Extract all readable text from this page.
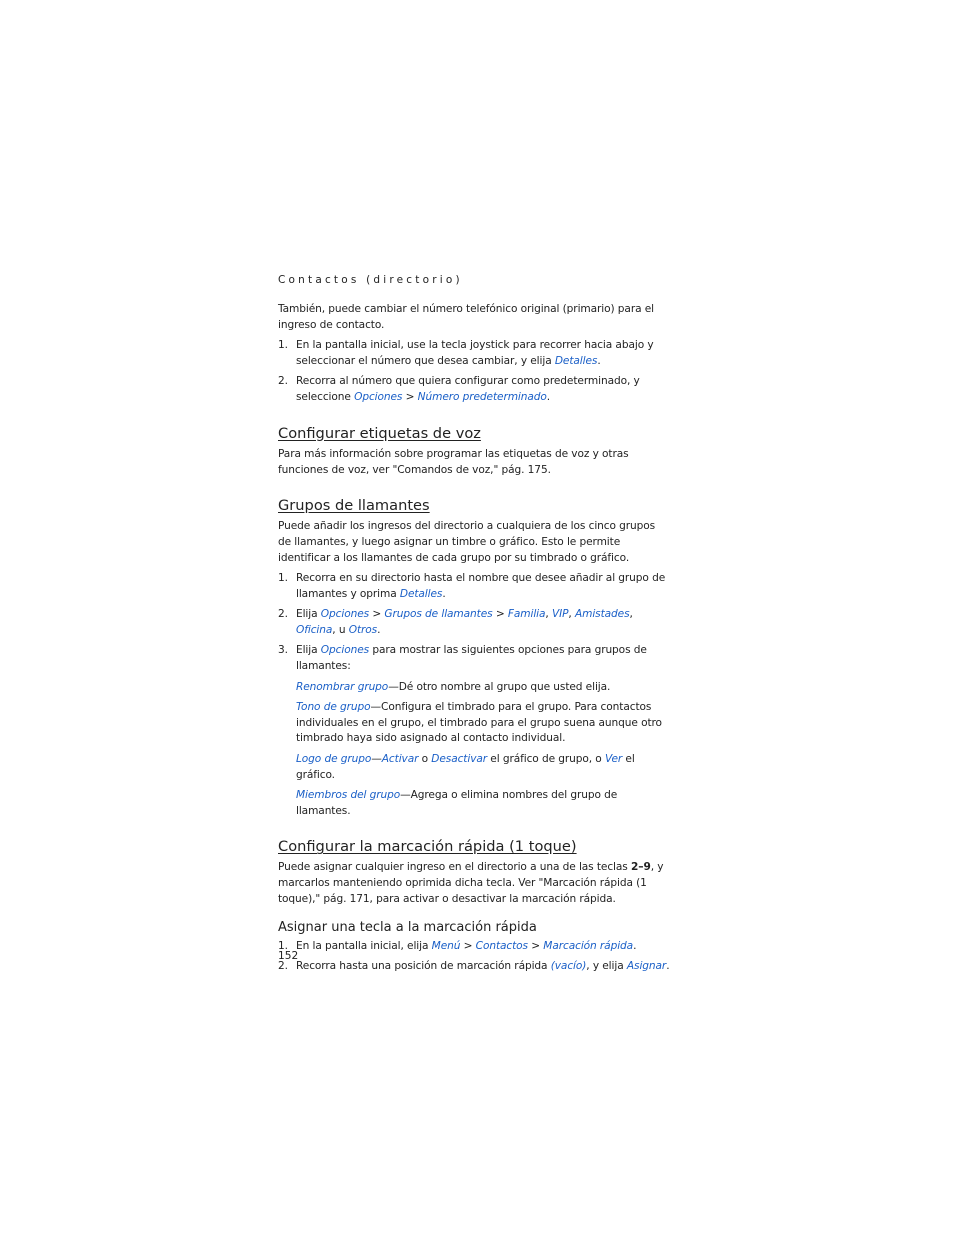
Contactos (directorio)

También, puede cambiar el número telefónico original (primario) para el ingreso de contacto.

1. En la pantalla inicial, use la tecla joystick para recorrer hacia abajo y seleccionar el número que desea cambiar, y elija Detalles.
2. Recorra al número que quiera configurar como predeterminado, y seleccione Opciones > Número predeterminado.
Configurar etiquetas de voz

Para más información sobre programar las etiquetas de voz y otras funciones de voz, ver "Comandos de voz," pág. 175.

Grupos de llamantes

Puede añadir los ingresos del directorio a cualquiera de los cinco grupos de llamantes, y luego asignar un timbre o gráfico. Esto le permite identificar a los llamantes de cada grupo por su timbrado o gráfico.

1. Recorra en su directorio hasta el nombre que desee añadir al grupo de llamantes y oprima Detalles.
2. Elija Opciones > Grupos de llamantes > Familia, VIP, Amistades, Oficina, u Otros.
3. Elija Opciones para mostrar las siguientes opciones para grupos de llamantes:

Renombrar grupo—Dé otro nombre al grupo que usted elija.

Tono de grupo—Configura el timbrado para el grupo. Para contactos individuales en el grupo, el timbrado para el grupo suena aunque otro timbrado haya sido asignado al contacto individual.

Logo de grupo—Activar o Desactivar el gráfico de grupo, o Ver el gráfico.

Miembros del grupo—Agrega o elimina nombres del grupo de llamantes.

Configurar la marcación rápida (1 toque)

Puede asignar cualquier ingreso en el directorio a una de las teclas 2–9, y marcarlos manteniendo oprimida dicha tecla. Ver "Marcación rápida (1 toque)," pág. 171, para activar o desactivar la marcación rápida.

Asignar una tecla a la marcación rápida
1. En la pantalla inicial, elija Menú > Contactos > Marcación rápida.
2. Recorra hasta una posición de marcación rápida (vacío), y elija Asignar.
152
